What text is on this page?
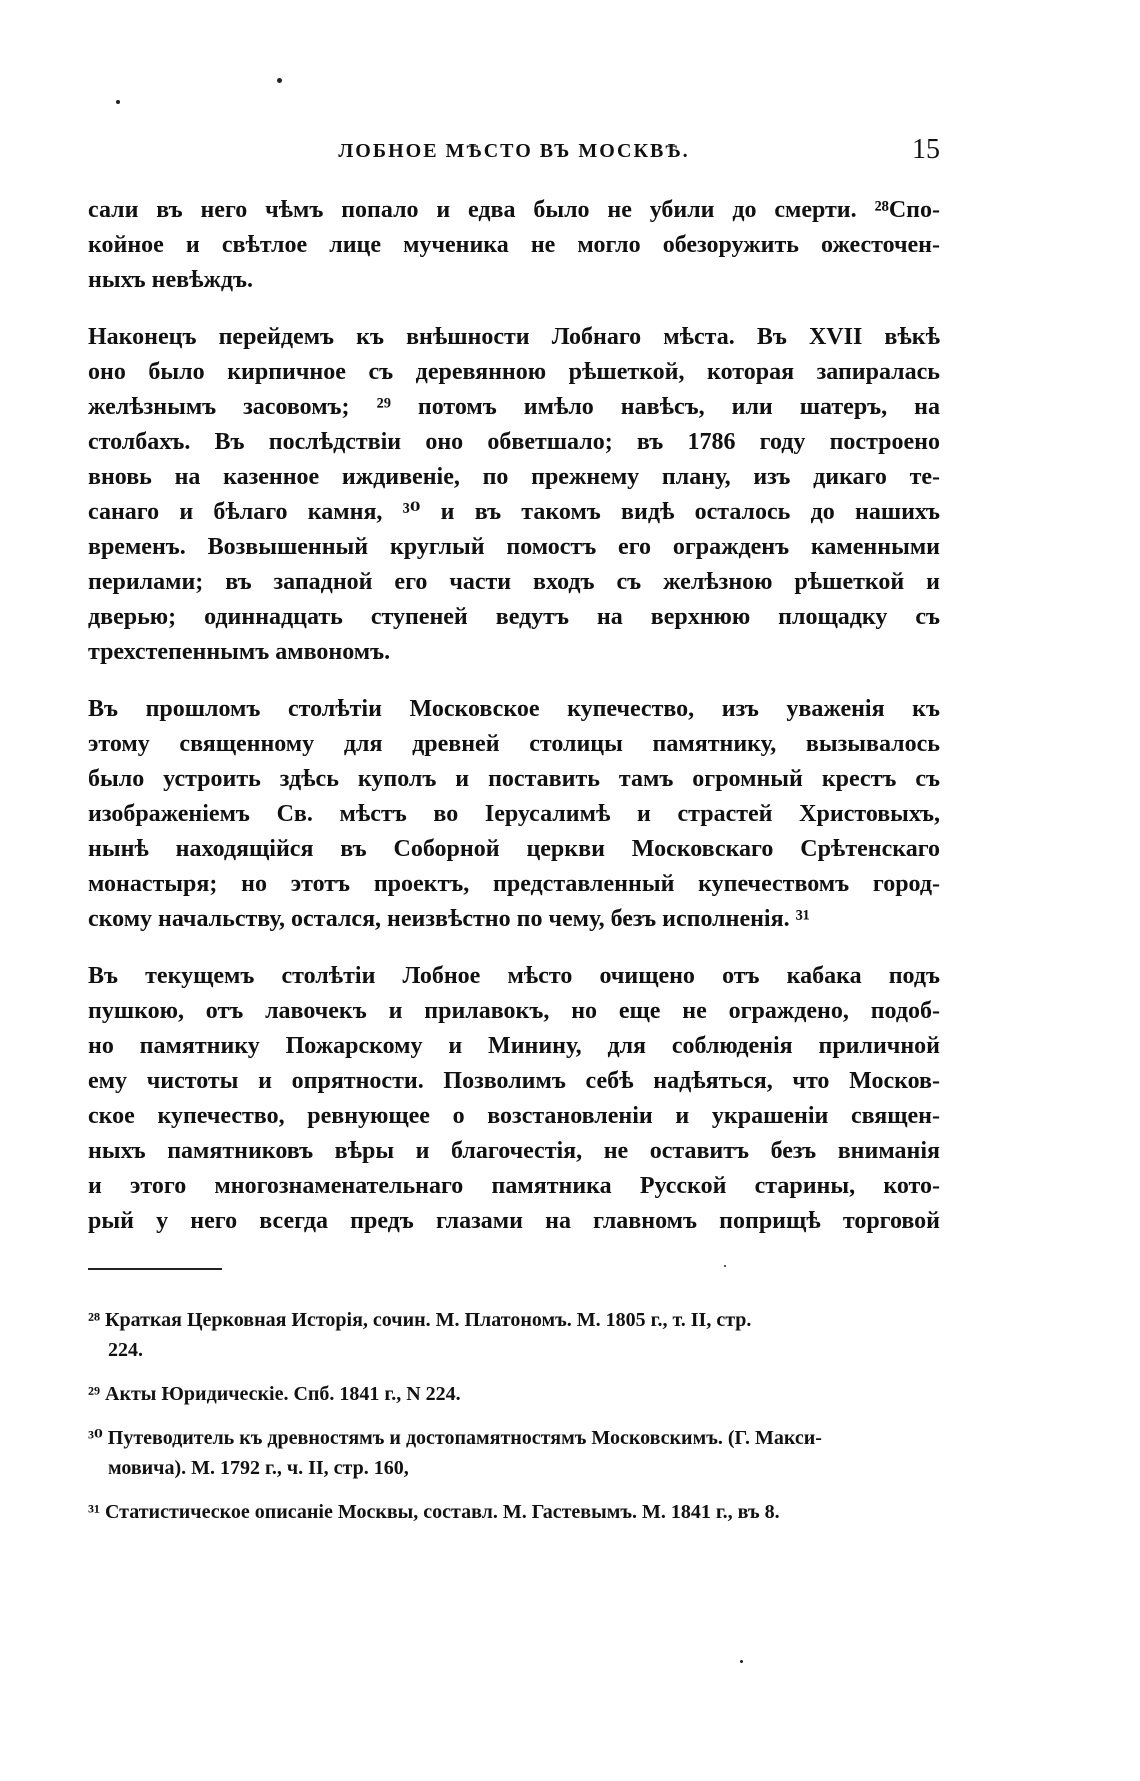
ЛОБНОЕ МѢСТО ВЪ МОСКВѢ.	15
сали въ него чѣмъ попало и едва было не убили до смерти. ²⁸Спо-
койное и свѣтлое лице мученика не могло обезоружить ожесточен-
ныхъ невѣждъ.
Наконецъ перейдемъ къ внѣшности Лобнаго мѣста. Въ XVII вѣкѣ
оно было кирпичное съ деревянною рѣшеткой, которая запиралась
желѣзнымъ засовомъ; ²⁹ потомъ имѣло навѣсъ, или шатеръ, на
столбахъ. Въ послѣдствіи оно обветшало; въ 1786 году построено
вновь на казенное иждивеніе, по прежнему плану, изъ дикаго те-
санаго и бѣлаго камня, ³⁰ и въ такомъ видѣ осталось до нашихъ
временъ. Возвышенный круглый помостъ его огражденъ каменными
перилами; въ западной его части входъ съ желѣзною рѣшеткой и
дверью; одиннадцать ступеней ведутъ на верхнюю площадку съ
трехстепеннымъ амвономъ.
Въ прошломъ столѣтіи Московское купечество, изъ уваженія къ
этому священному для древней столицы памятнику, вызывалось
было устроить здѣсь куполъ и поставить тамъ огромный крестъ съ
изображеніемъ Св. мѣстъ во Іерусалимѣ и страстей Христовыхъ,
нынѣ находящійся въ Соборной церкви Московскаго Срѣтенскаго
монастыря; но этотъ проектъ, представленный купечествомъ город-
скому начальству, остался, неизвѣстно по чему, безъ исполненія. ³¹
Въ текущемъ столѣтіи Лобное мѣсто очищено отъ кабака подъ
пушкою, отъ лавочекъ и прилавокъ, но еще не ограждено, подоб-
но памятнику Пожарскому и Минину, для соблюденія приличной
ему чистоты и опрятности. Позволимъ себѣ надѣяться, что Москов-
ское купечество, ревнующее о возстановленіи и украшеніи священ-
ныхъ памятниковъ вѣры и благочестія, не оставитъ безъ вниманія
и этого многознаменательнаго памятника Русской старины, кото-
рый у него всегда предъ глазами на главномъ поприщѣ торговой
²⁸ Краткая Церковная Исторія, сочин. М. Платономъ. М. 1805 г., т. II, стр.
224.
²⁹ Акты Юридическіе. Спб. 1841 г., N 224.
³⁰ Путеводитель къ древностямъ и достопамятностямъ Московскимъ. (Г. Макси-
мовича). М. 1792 г., ч. II, стр. 160,
³¹ Статистическое описаніе Москвы, составл. М. Гастевымъ. М. 1841 г., въ 8.
